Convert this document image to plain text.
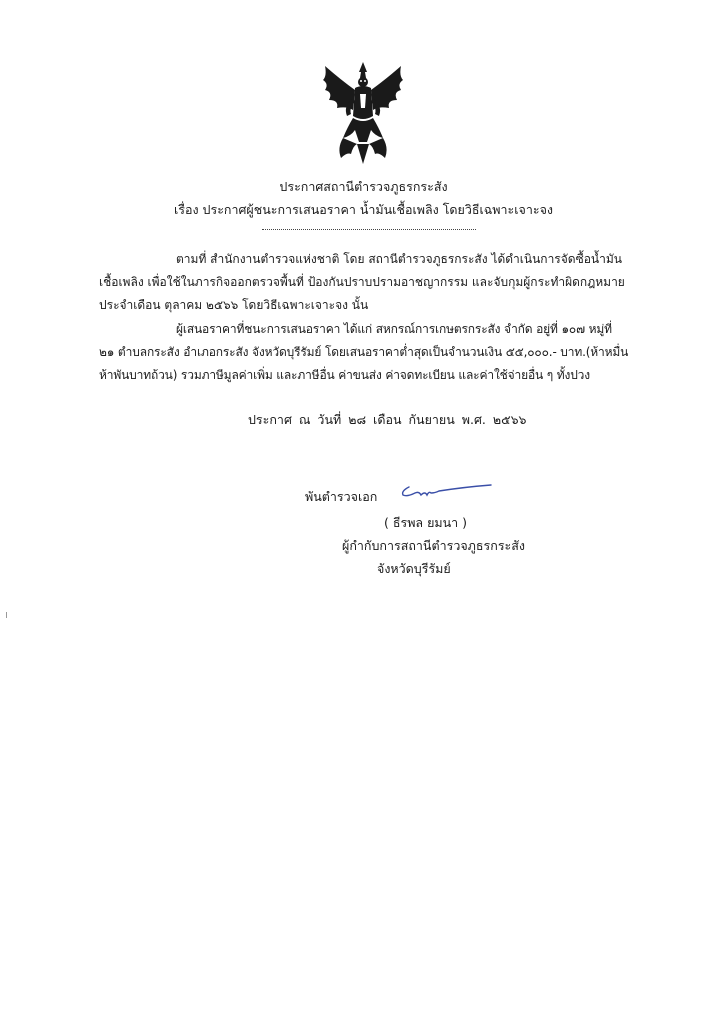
ประกาศสถานีตำรวจภูธรกระสัง
เรื่อง ประกาศผู้ชนะการเสนอราคา น้ำมันเชื้อเพลิง โดยวิธีเฉพาะเจาะจง
ตามที่ สำนักงานตำรวจแห่งชาติ โดย สถานีตำรวจภูธรกระสัง ได้ดำเนินการจัดซื้อน้ำมัน
เชื้อเพลิง เพื่อใช้ในภารกิจออกตรวจพื้นที่ ป้องกันปราบปรามอาชญากรรม และจับกุมผู้กระทำผิดกฎหมาย
ประจำเดือน ตุลาคม ๒๕๖๖ โดยวิธีเฉพาะเจาะจง นั้น
ผู้เสนอราคาที่ชนะการเสนอราคา ได้แก่ สหกรณ์การเกษตรกระสัง จำกัด อยู่ที่ ๑๐๗ หมู่ที่
๒๑ ตำบลกระสัง อำเภอกระสัง จังหวัดบุรีรัมย์ โดยเสนอราคาต่ำสุดเป็นจำนวนเงิน ๕๕,๐๐๐.- บาท.(ห้าหมื่น
ห้าพันบาทถ้วน) รวมภาษีมูลค่าเพิ่ม และภาษีอื่น ค่าขนส่ง ค่าจดทะเบียน และค่าใช้จ่ายอื่น ๆ ทั้งปวง
ประกาศ ณ วันที่ ๒๘ เดือน กันยายน พ.ศ. ๒๕๖๖
พันตำรวจเอก
( ธีรพล ยมนา )
ผู้กำกับการสถานีตำรวจภูธรกระสัง
จังหวัดบุรีรัมย์
